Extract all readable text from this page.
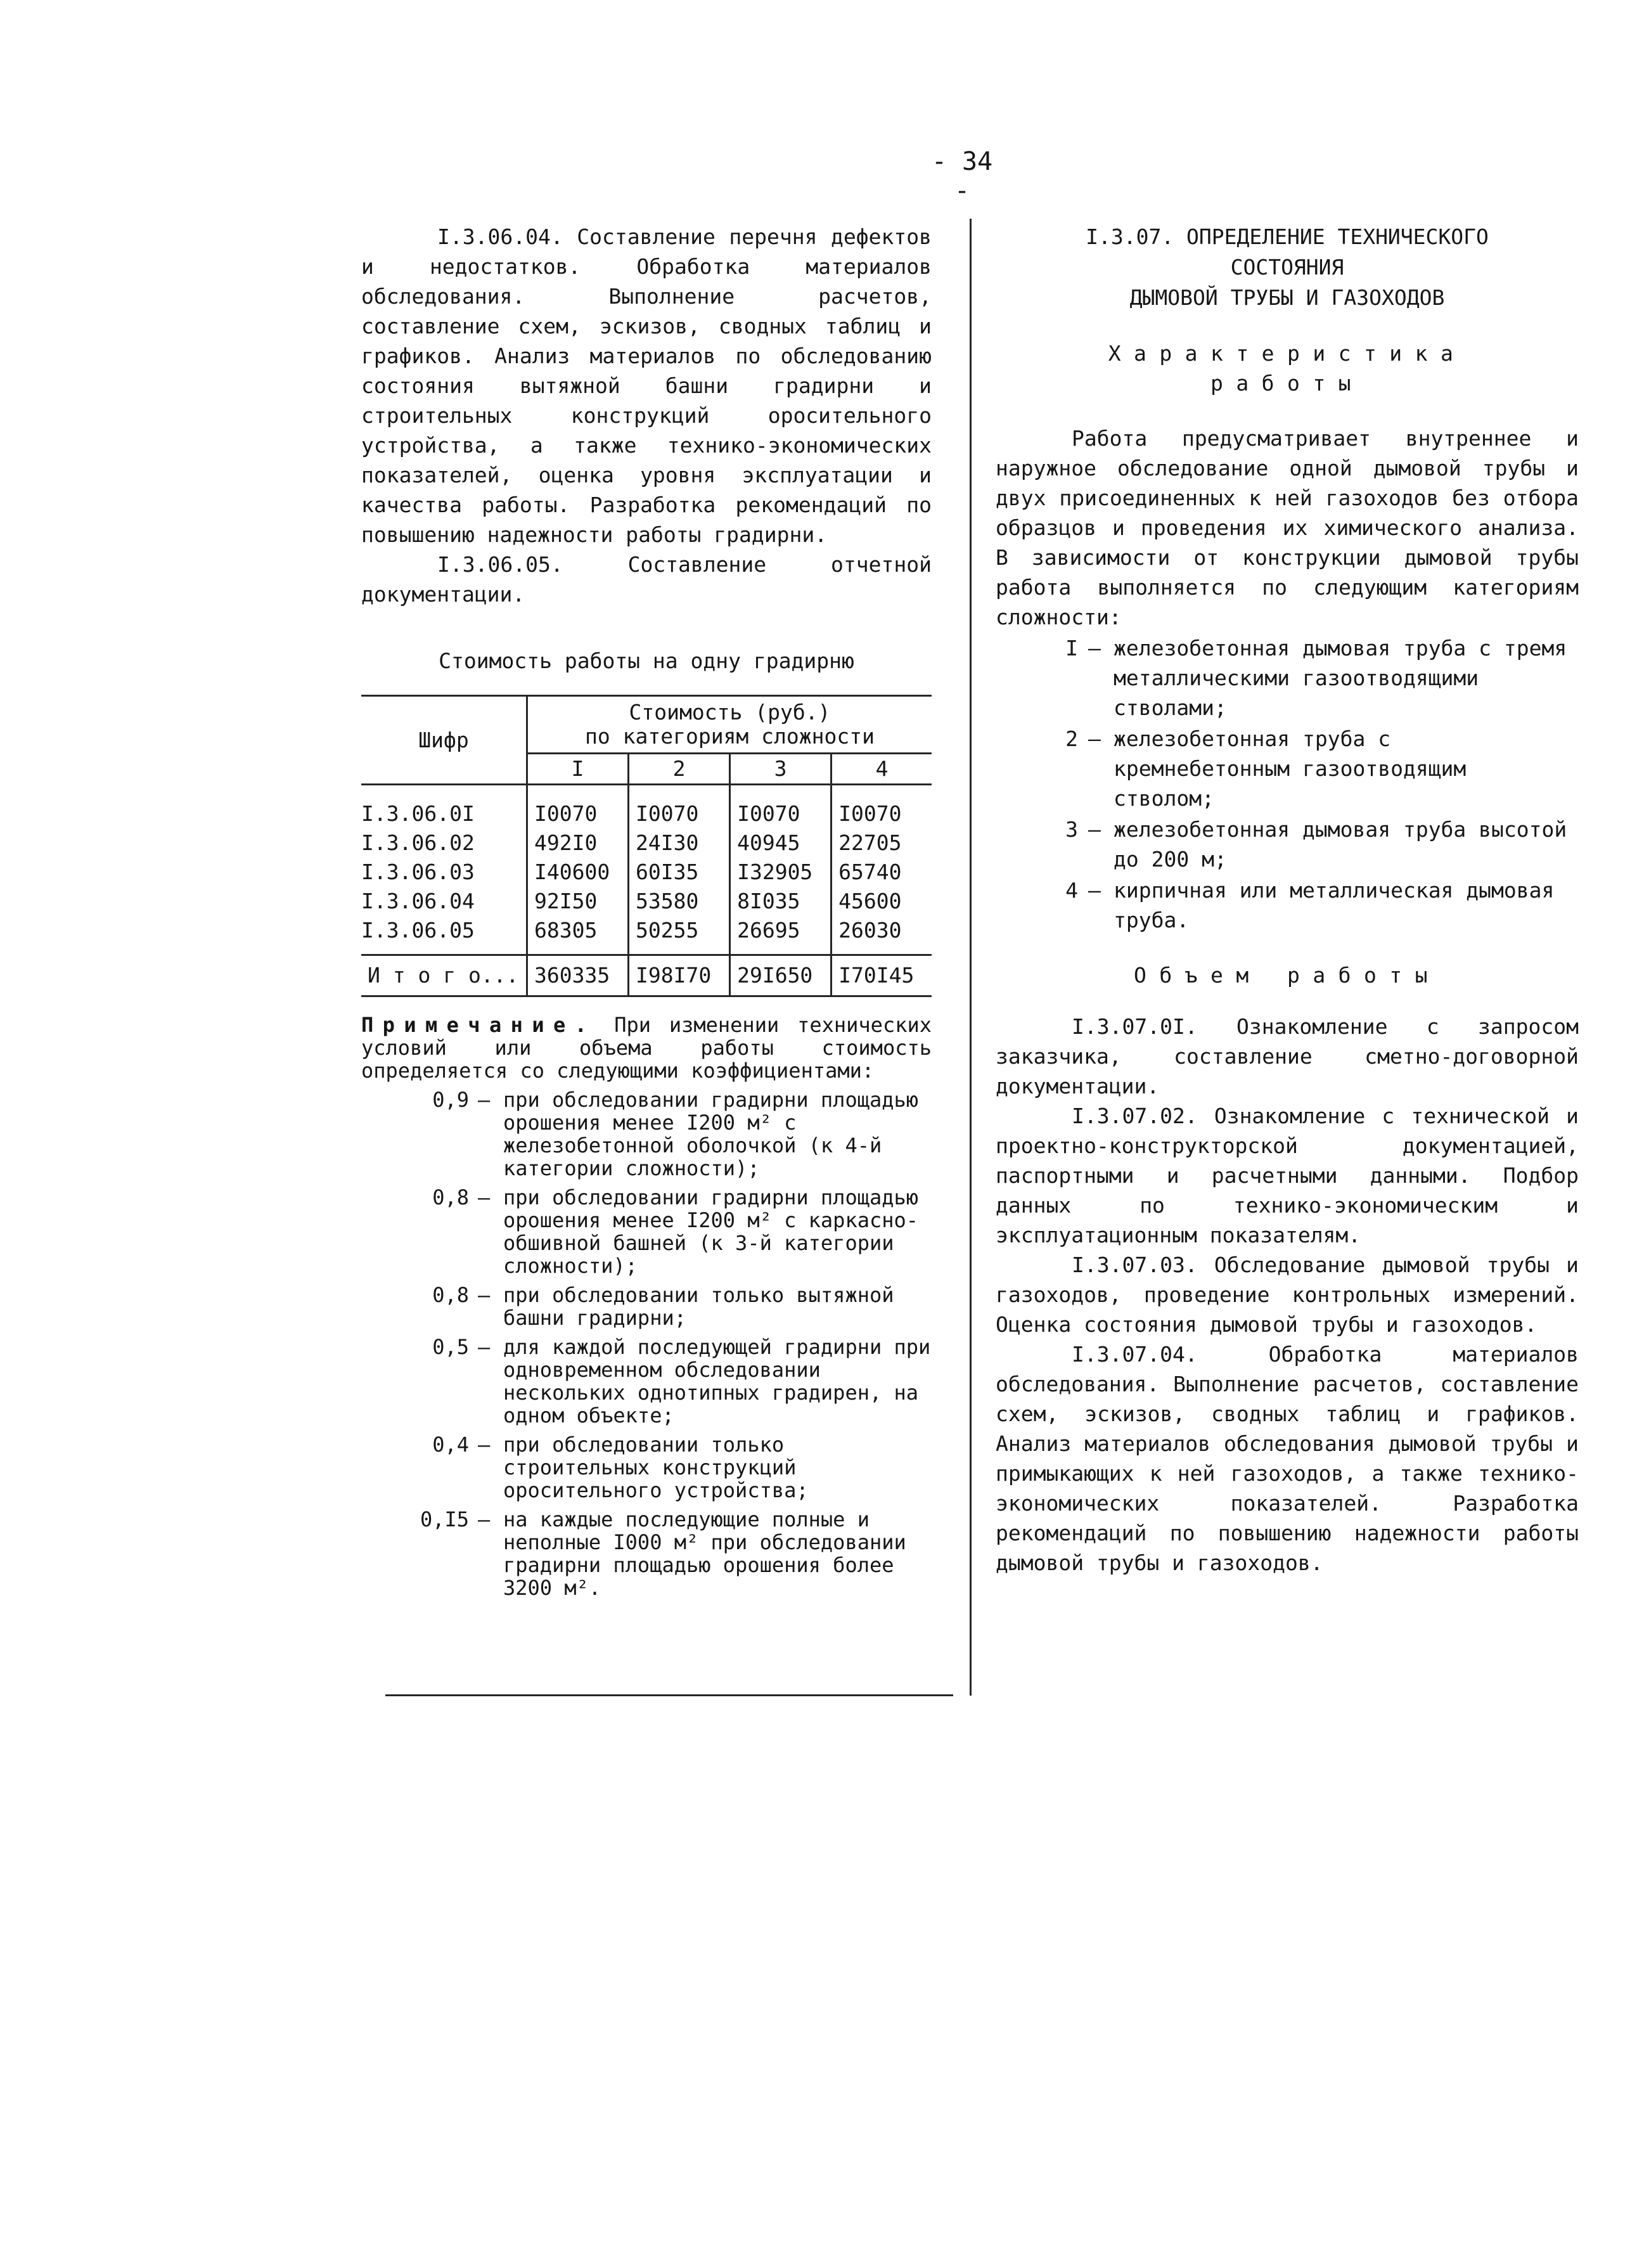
- 34 -

I.3.06.04. Составление перечня дефектов и недостатков. Обработка материалов обследования. Выполнение расчетов, составление схем, эскизов, сводных таблиц и графиков. Анализ материалов по обследованию состояния вытяжной башни градирни и строительных конструкций оросительного устройства, а также технико-экономических показателей, оценка уровня эксплуатации и качества работы. Разработка рекомендаций по повышению надежности работы градирни.

I.3.06.05. Составление отчетной документации.

Стоимость работы на одну градирню
Шифр	Стоимость (руб.)
по категориям сложности			

	I	2	3	4
I.3.06.0I	I0070	I0070	I0070	I0070
I.3.06.02	492I0	24I30	40945	22705
I.3.06.03	I40600	60I35	I32905	65740
I.3.06.04	92I50	53580	8I035	45600
I.3.06.05	68305	50255	26695	26030
И т о г о...	360335	I98I70	29I650	I70I45

Примечание. При изменении технических условий или объема работы стоимость определяется со следующими коэффициентами:

0,9 – при обследовании градирни площадью орошения менее I200 м² с железобетонной оболочкой (к 4-й категории сложности);
0,8 – при обследовании градирни площадью орошения менее I200 м² с каркасно-обшивной башней (к 3-й категории сложности);
0,8 – при обследовании только вытяжной башни градирни;
0,5 – для каждой последующей градирни при одновременном обследовании нескольких однотипных градирен, на одном объекте;
0,4 – при обследовании только строительных конструкций оросительного устройства;
0,I5 – на каждые последующие полные и неполные I000 м² при обследовании градирни площадью орошения более 3200 м².
I.3.07. ОПРЕДЕЛЕНИЕ ТЕХНИЧЕСКОГО
СОСТОЯНИЯ
ДЫМОВОЙ ТРУБЫ И ГАЗОХОДОВ
Характеристика
работы

Работа предусматривает внутреннее и наружное обследование одной дымовой трубы и двух присоединенных к ней газоходов без отбора образцов и проведения их химического анализа. В зависимости от конструкции дымовой трубы работа выполняется по следующим категориям сложности:

I – железобетонная дымовая труба с тремя металлическими газоотводящими стволами;
2 – железобетонная труба с кремнебетонным газоотводящим стволом;
3 – железобетонная дымовая труба высотой до 200 м;
4 – кирпичная или металлическая дымовая труба.
Объем работы

I.3.07.0I. Ознакомление с запросом заказчика, составление сметно-договорной документации.

I.3.07.02. Ознакомление с технической и проектно-конструкторской документацией, паспортными и расчетными данными. Подбор данных по технико-экономическим и эксплуатационным показателям.

I.3.07.03. Обследование дымовой трубы и газоходов, проведение контрольных измерений. Оценка состояния дымовой трубы и газоходов.

I.3.07.04. Обработка материалов обследования. Выполнение расчетов, составление схем, эскизов, сводных таблиц и графиков. Анализ материалов обследования дымовой трубы и примыкающих к ней газоходов, а также технико-экономических показателей. Разработка рекомендаций по повышению надежности работы дымовой трубы и газоходов.
